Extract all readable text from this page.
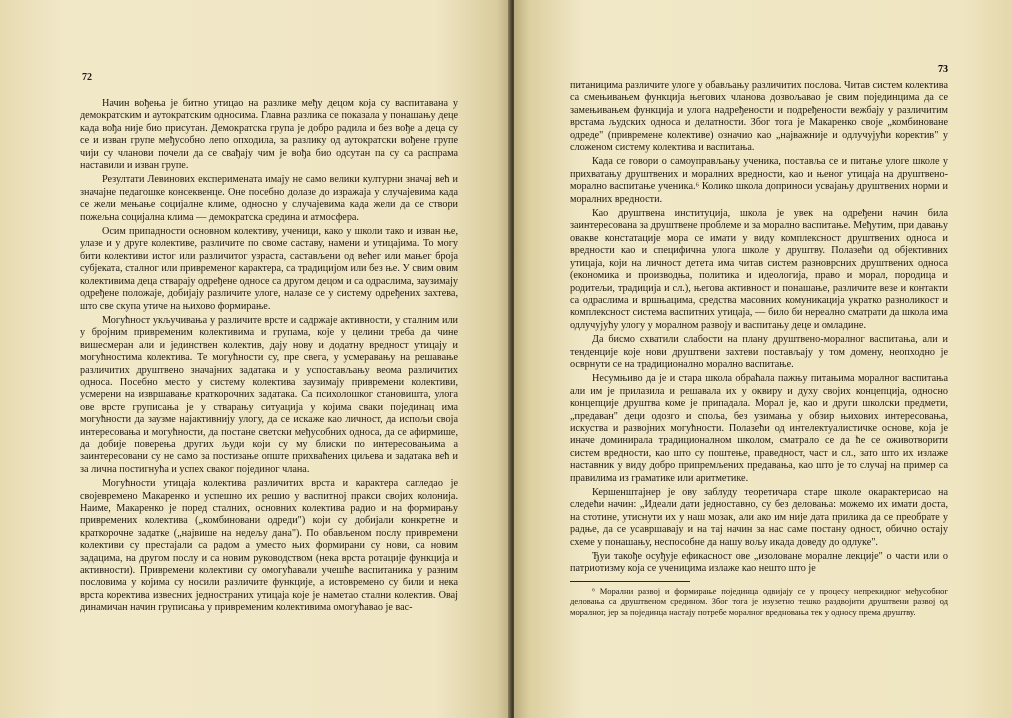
72

Начин вођења је битно утицао на разлике међу децом која су васпитавана у демократским и аутократским односима. Главна разлика се показала у понашању деце када вођа није био присутан. Демократска група је добро радила и без вође а деца су се и изван групе међусобно лепо опходила, за разлику од аутократски вођене групе чији су чланови почели да се свађају чим је вођа био одсутан па су са распрама наставили и изван групе.

Резултати Левинових експеримената имају не само велики културни значај већ и значајне педагошке консеквенце. Оне посебно долазе до изражаја у случајевима када се жели мењање социјалне климе, односно у случајевима када жели да се створи пожељна социјална клима — демократска средина и атмосфера.

Осим припадности основном колективу, ученици, како у школи тако и изван ње, улазе и у друге колективе, различите по своме саставу, намени и утицајима. То могу бити колективи истог или различитог узраста, састављени од већег или мањег броја субјеката, сталног или привременог карактера, са традицијом или без ње. У свим овим колективима деца стварају одређене односе са другом децом и са одраслима, заузимају одређене положаје, добијају различите улоге, налазе се у систему одређених захтева, што све скупа утиче на њихово формирање.

Могућност укључивања у различите врсте и садржаје активности, у сталним или у бројним привременим колективима и групама, које у целини треба да чине вишесмеран али и јединствен колектив, дају нову и додатну вредност утицају и могућностима колектива. Те могућности су, пре свега, у усмеравању на решавање различитих друштвено значајних задатака и у успостављању веома различитих односа. Посебно место у систему колектива заузимају привремени колективи, усмерени на извршавање краткорочних задатака. Са психолошког становишта, улога ове врсте груписања је у стварању ситуација у којима сваки појединац има могућности да заузме најактивнију улогу, да се искаже као личност, да испољи своја интересовања и могућности, да постане светски међусобних односа, да се афирмише, да добије поверења других људи који су му блиски по интересовањима а заинтересовани су не само за постизање опште прихваћених циљева и задатака већ и за лична постигнућа и успех сваког појединог члана.

Могућности утицаја колектива различитих врста и карактера сагледао је својевремено Макаренко и успешно их решио у васпитној пракси својих колонија. Наиме, Макаренко је поред сталних, основних колектива радио и на формирању привремених колектива („комбиновани одреди") који су добијали конкретне и краткорочне задатке („највише на недељу дана"). По обављеном послу привремени колективи су престајали са радом а уместо њих формирани су нови, са новим задацима, на другом послу и са новим руководством (нека врста ротације функција и активности). Привремени колективи су омогућавали учешће васпитаника у разним пословима у којима су носили различите функције, а истовремено су били и нека врста коректива извесних једностраних утицаја које је наметао стални колектив. Овај динамичан начин груписања у привременим колективима омогућавао је вас-

питаницима различите улоге у обављању различитих послова. Читав систем колектива са смењивањем функција његових чланова дозвољавао је свим појединцима да се замењивањем функција и улога надређености и подређености вежбају у различитим врстама људских односа и делатности. Због тога је Макаренко своје „комбиноване одреде" (привремене колективе) означио као „најважније и одлучујући коректив" у сложеном систему колектива и васпитања.

Када се говори о самоуправљању ученика, поставља се и питање улоге школе у прихватању друштвених и моралних вредности, као и њеног утицаја на друштвено-морално васпитање ученика.⁶ Колико школа доприноси усвајању друштвених норми и моралних вредности.

Као друштвена институција, школа је увек на одређени начин била заинтересована за друштвене проблеме и за морално васпитање. Међутим, при давању овакве констатације мора се имати у виду комплексност друштвених односа и вредности као и специфична улога школе у друштву. Полазећи од објективних утицаја, који на личност детета има читав систем разноврсних друштвених односа (економика и производња, политика и идеологија, право и морал, породица и родитељи, традиција и сл.), његова активност и понашање, различите везе и контакти са одраслима и вршњацима, средства масовних комуникација укратко разноликост и комплексност система васпитних утицаја, — било би нереално сматрати да школа има одлучујућу улогу у моралном развоју и васпитању деце и омладине.

Да бисмо схватили слабости на плану друштвено-моралног васпитања, али и тенденције које нови друштвени захтеви постављају у том домену, неопходно је осврнути се на традиционално морално васпитање.

Несумњиво да је и стара школа обраћала пажњу питањима моралног васпитања али им је прилазила и решавала их у оквиру и духу својих концепција, односно концепције друштва коме је припадала. Морал је, као и други школски предмети, „предаван" деци одозго и споља, без узимања у обзир њихових интересовања, искуства и развојних могућности. Полазећи од интелектуалистичке основе, која је иначе доминирала традиционалном школом, сматрало се да ће се оживотворити систем вредности, као што су поштење, праведност, част и сл., зато што их излаже наставник у виду добро припремљених предавања, као што је то случај на пример са правилима из граматике или аритметике.

Кершенштајнер је ову заблуду теоретичара старе школе окарактерисао на следећи начин: „Идеали дати једноставно, су без деловања: можемо их имати доста, на стотине, утиснути их у наш мозак, али ако им није дата прилика да се преобрате у радње, да се усавршавају и на тај начин за нас саме постану одност, обично остају схеме у понашању, неспособне да нашу вољу икада доведу до одлуке".

Ђуи такође осуђује ефикасност ове „изоловане моралне лекције" о части или о патриотизму која се ученицима излаже као нешто што је

⁶ Морални развој и формирање појединца одвијају се у процесу непрекидног међусобног деловања са друштвеном средином. Због тога је изузетно тешко раздвојити друштвени развој од моралног, јер за појединца настају потребе моралног вредновања тек у односу према друштву.

73
